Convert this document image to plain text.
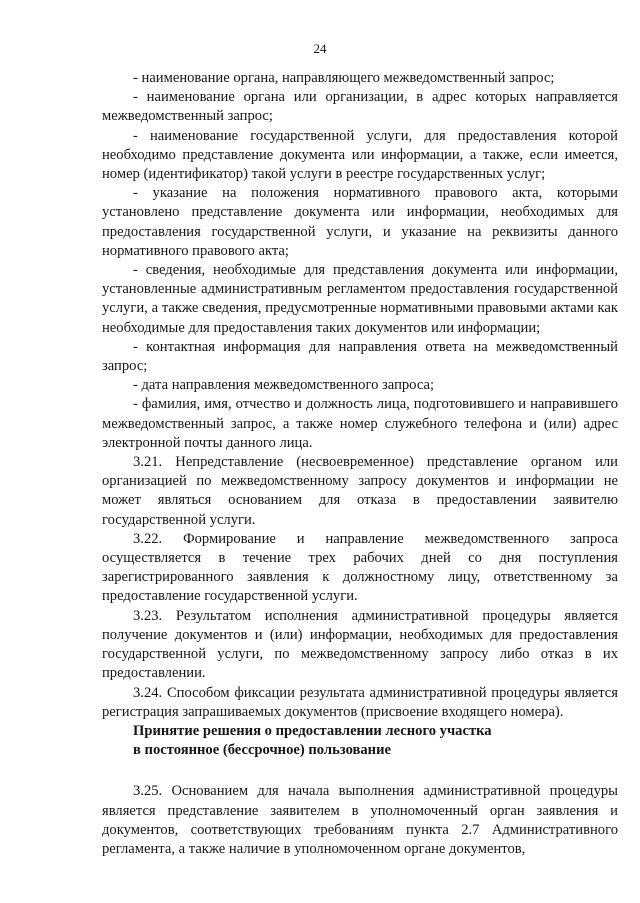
24

- наименование органа, направляющего межведомственный запрос;

- наименование органа или организации, в адрес которых направляется межведомственный запрос;

- наименование государственной услуги, для предоставления которой необходимо представление документа или информации, а также, если имеется, номер (идентификатор) такой услуги в реестре государственных услуг;

- указание на положения нормативного правового акта, которыми установлено представление документа или информации, необходимых для предоставления государственной услуги, и указание на реквизиты данного нормативного правового акта;

- сведения, необходимые для представления документа или информации, установленные административным регламентом предоставления государственной услуги, а также сведения, предусмотренные нормативными правовыми актами как необходимые для предоставления таких документов или информации;

- контактная информация для направления ответа на межведомственный запрос;

- дата направления межведомственного запроса;

- фамилия, имя, отчество и должность лица, подготовившего и направившего межведомственный запрос, а также номер служебного телефона и (или) адрес электронной почты данного лица.

3.21. Непредставление (несвоевременное) представление органом или организацией по межведомственному запросу документов и информации не может являться основанием для отказа в предоставлении заявителю государственной услуги.

3.22. Формирование и направление межведомственного запроса осуществляется в течение трех рабочих дней со дня поступления зарегистрированного заявления к должностному лицу, ответственному за предоставление государственной услуги.

3.23. Результатом исполнения административной процедуры является получение документов и (или) информации, необходимых для предоставления государственной услуги, по межведомственному запросу либо отказ в их предоставлении.

3.24. Способом фиксации результата административной процедуры является регистрация запрашиваемых документов (присвоение входящего номера).

Принятие решения о предоставлении лесного участка
в постоянное (бессрочное) пользование

3.25. Основанием для начала выполнения административной процедуры является представление заявителем в уполномоченный орган заявления и документов, соответствующих требованиям пункта 2.7 Административного регламента, а также наличие в уполномоченном органе документов,
